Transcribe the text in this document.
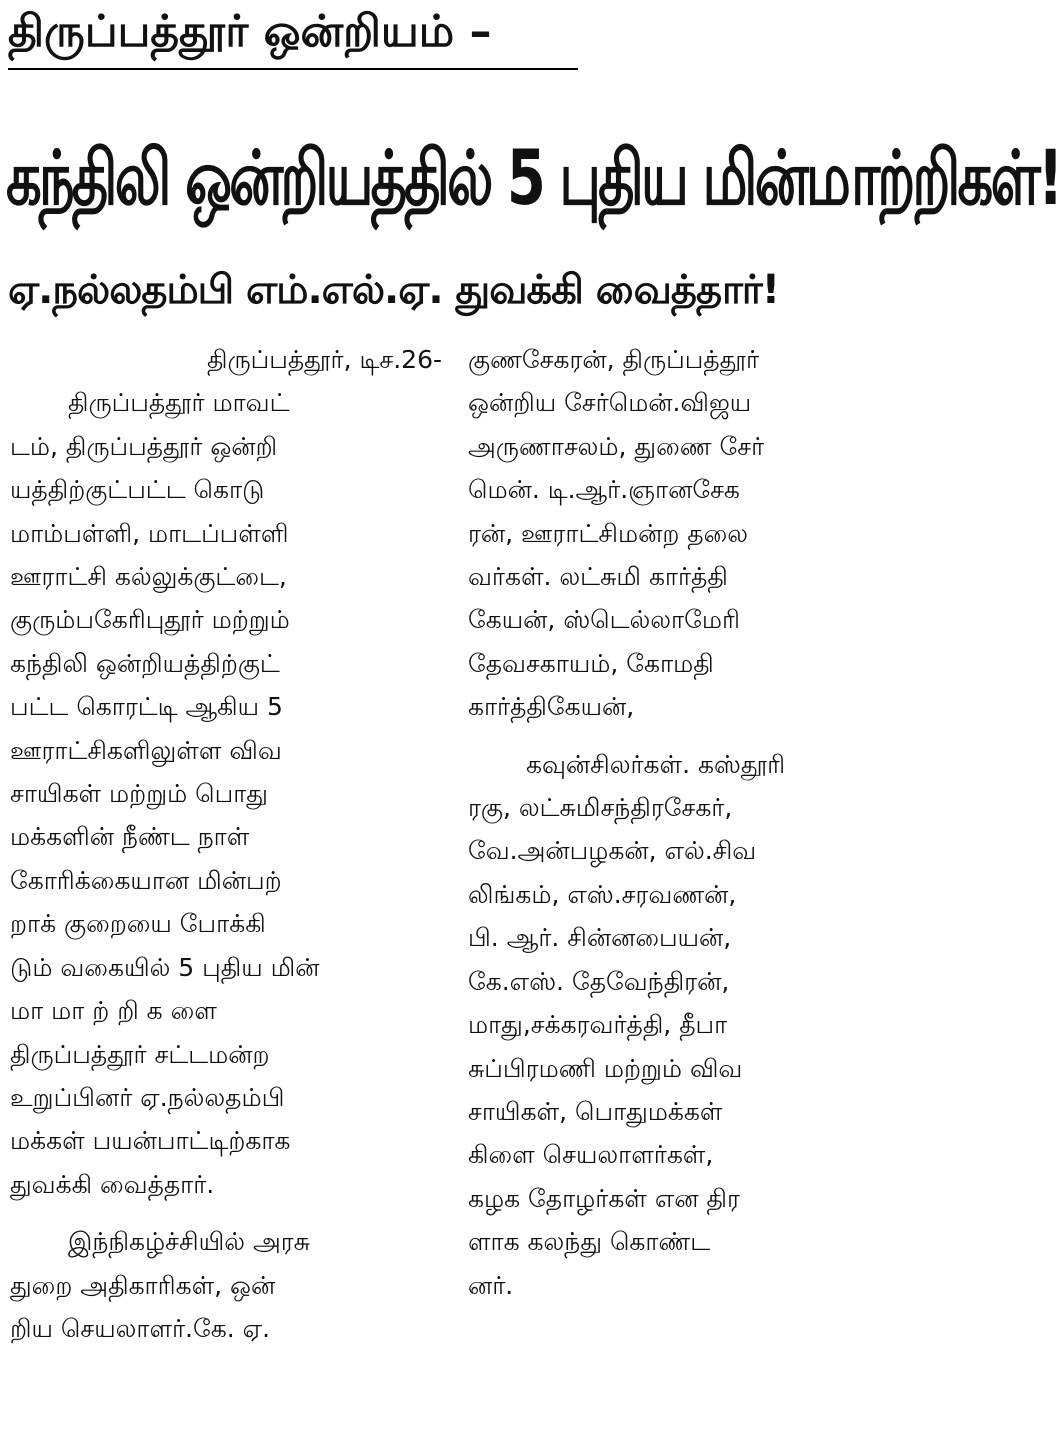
திருப்பத்தூர் ஒன்றியம் –
கந்திலி ஒன்றியத்தில் 5 புதிய மின்மாற்றிகள்!
ஏ.நல்லதம்பி எம்.எல்.ஏ. துவக்கி வைத்தார்!

திருப்பத்தூர், டிச.26-

திருப்பத்தூர் மாவட்

டம், திருப்பத்தூர் ஒன்றி

யத்திற்குட்பட்ட கொடு

மாம்பள்ளி, மாடப்பள்ளி

ஊராட்சி கல்லுக்குட்டை,

குரும்பகேரிபுதூர் மற்றும்

கந்திலி ஒன்றியத்திற்குட்

பட்ட கொரட்டி ஆகிய 5

ஊராட்சிகளிலுள்ள விவ

சாயிகள் மற்றும் பொது

மக்களின் நீண்ட நாள்

கோரிக்கையான மின்பற்

றாக் குறையை போக்கி

டும் வகையில் 5 புதிய மின்

மா மா ற் றி க ளை

திருப்பத்தூர் சட்டமன்ற

உறுப்பினர் ஏ.நல்லதம்பி

மக்கள் பயன்பாட்டிற்காக

துவக்கி வைத்தார்.

இந்நிகழ்ச்சியில் அரசு

துறை அதிகாரிகள், ஒன்

றிய செயலாளர்.கே. ஏ.

குணசேகரன், திருப்பத்தூர்

ஒன்றிய சேர்மென்.விஜய

அருணாசலம், துணை சேர்

மென். டி.ஆர்.ஞானசேக

ரன், ஊராட்சிமன்ற தலை

வர்கள். லட்சுமி கார்த்தி

கேயன், ஸ்டெல்லாமேரி

தேவசகாயம், கோமதி

கார்த்திகேயன்,

கவுன்சிலர்கள். கஸ்தூரி

ரகு, லட்சுமிசந்திரசேகர்,

வே.அன்பழகன், எல்.சிவ

லிங்கம், எஸ்.சரவணன்,

பி. ஆர். சின்னபையன்,

கே.எஸ். தேவேந்திரன்,

மாது,சக்கரவர்த்தி, தீபா

சுப்பிரமணி மற்றும் விவ

சாயிகள், பொதுமக்கள்

கிளை செயலாளர்கள்,

கழக தோழர்கள் என திர

ளாக கலந்து கொண்ட

னர்.
